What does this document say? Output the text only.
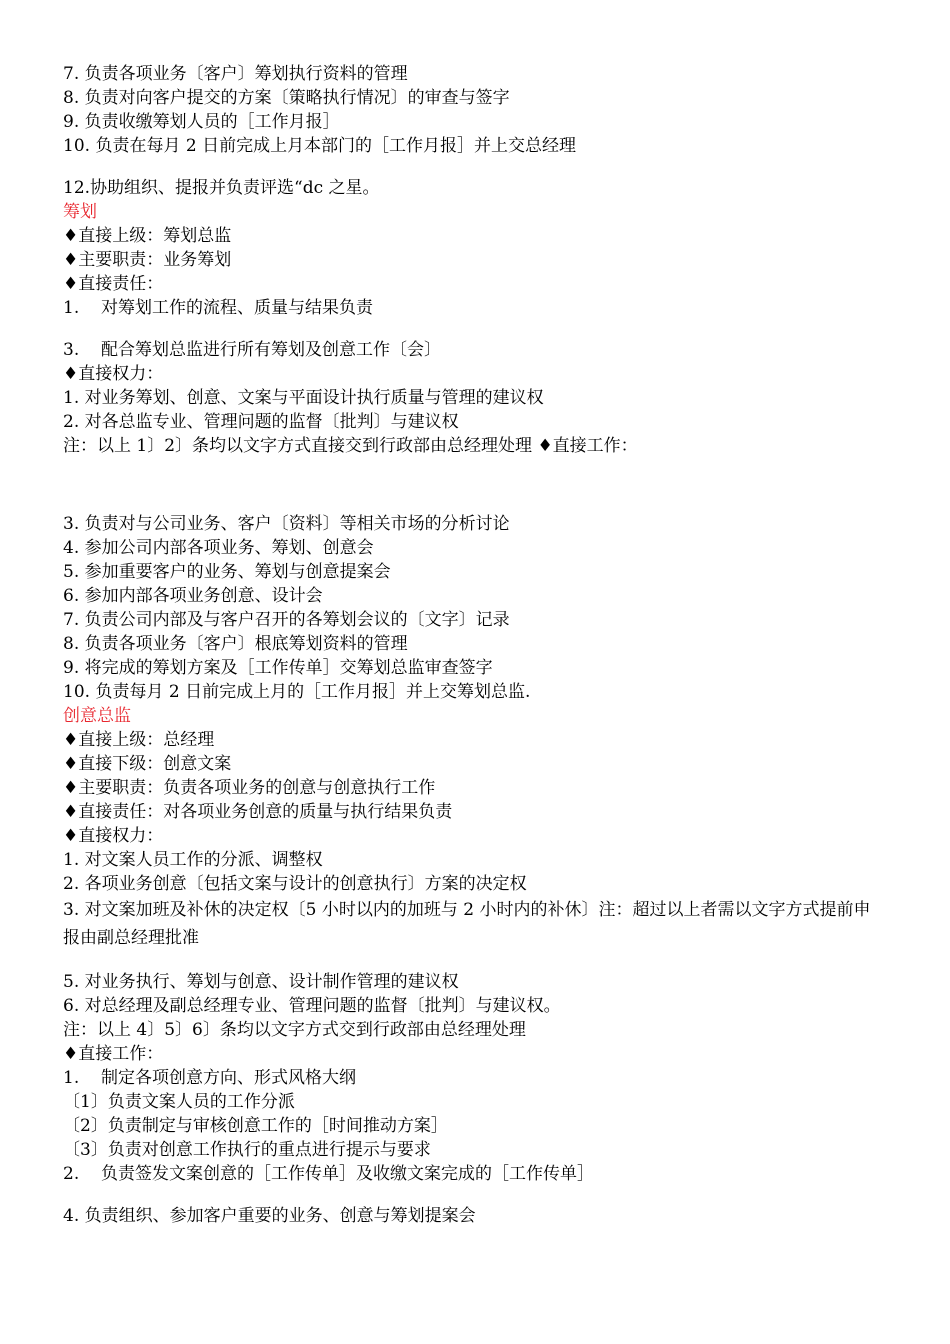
7. 负责各项业务〔客户〕筹划执行资料的管理
8. 负责对向客户提交的方案〔策略执行情况〕的审查与签字
9. 负责收缴筹划人员的［工作月报］
10. 负责在每月 2 日前完成上月本部门的［工作月报］并上交总经理
12.协助组织、提报并负责评选“dc 之星。
筹划
♦直接上级：筹划总监
♦主要职责：业务筹划
♦直接责任：
1. 对筹划工作的流程、质量与结果负责
3. 配合筹划总监进行所有筹划及创意工作〔会〕
♦直接权力：
1. 对业务筹划、创意、文案与平面设计执行质量与管理的建议权
2. 对各总监专业、管理问题的监督〔批判〕与建议权
注：以上 1〕2〕条均以文字方式直接交到行政部由总经理处理 ♦直接工作：
3. 负责对与公司业务、客户〔资料〕等相关市场的分析讨论
4. 参加公司内部各项业务、筹划、创意会
5. 参加重要客户的业务、筹划与创意提案会
6. 参加内部各项业务创意、设计会
7. 负责公司内部及与客户召开的各筹划会议的〔文字〕记录
8. 负责各项业务〔客户〕根底筹划资料的管理
9. 将完成的筹划方案及［工作传单］交筹划总监审查签字
10. 负责每月 2 日前完成上月的［工作月报］并上交筹划总监.
创意总监
♦直接上级：总经理
♦直接下级：创意文案
♦主要职责：负责各项业务的创意与创意执行工作
♦直接责任：对各项业务创意的质量与执行结果负责
♦直接权力：
1. 对文案人员工作的分派、调整权
2. 各项业务创意〔包括文案与设计的创意执行〕方案的决定权
3. 对文案加班及补休的决定权〔5 小时以内的加班与 2 小时内的补休〕注：超过以上者需以文字方式提前申报由副总经理批准
5. 对业务执行、筹划与创意、设计制作管理的建议权
6. 对总经理及副总经理专业、管理问题的监督〔批判〕与建议权。
注：以上 4〕5〕6〕条均以文字方式交到行政部由总经理处理
♦直接工作：
1. 制定各项创意方向、形式风格大纲
〔1〕负责文案人员的工作分派
〔2〕负责制定与审核创意工作的［时间推动方案］
〔3〕负责对创意工作执行的重点进行提示与要求
2. 负责签发文案创意的［工作传单］及收缴文案完成的［工作传单］
4. 负责组织、参加客户重要的业务、创意与筹划提案会
